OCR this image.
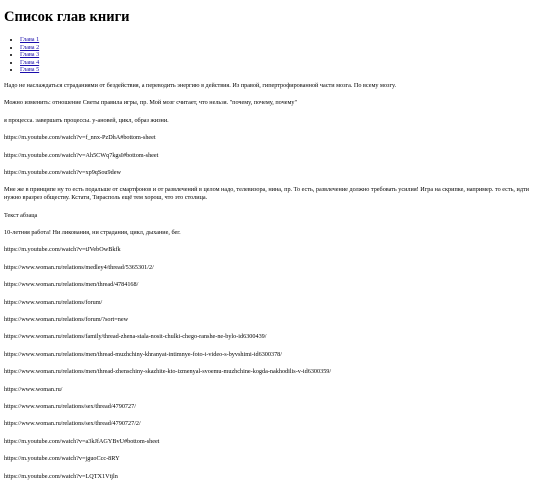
Список глав книги
• Глава 1
• Глава 2
• Глава 3
• Глава 4
• Глава 5

Надо не наслаждаться страданиями от бездействия, а переводить энергию в действия. Из правой, гипертрофированной части мозга. По всему мозгу.

Можно изменить: отношение Светы правила игры, пр. Мой мозг считает, что нельзя. "почему, почему, почему"

я процесса. завершать процессы. у-ановей, цикл, образ жизни.

https://m.youtube.com/watch?v=f_nnx-PzDhA#bottom-sheet

https://m.youtube.com/watch?v=Ah5CWq7kgsI#bottom-sheet

https://m.youtube.com/watch?v=xp9qSou9dew

Мне же в принципе ну то есть подальше от смартфонов и от развлечений в целом надо, телевизора, нина, пр. То есть, развлечение должно требовать усилия! Игра на скрипке, например. то есть, идти нужно вразрез обществу. Кстати, Тирасполь ещё тем хорош, что это столица.

Текст абзаца

10-летняя работа! Ни ликования, ни страдания, цикл, дыхание, бег.

https://m.youtube.com/watch?v=tJVebOwBkfk

https://www.woman.ru/relations/medley4/thread/5365301/2/

https://www.woman.ru/relations/men/thread/4784168/

https://www.woman.ru/relations/forum/

https://www.woman.ru/relations/forum/?sort=new

https://www.woman.ru/relations/family/thread-zhena-stala-nosit-chulki-chego-ranshe-ne-bylo-id6300439/

https://www.woman.ru/relations/men/thread-muzhchiny-khranyat-intimnye-foto-i-video-s-byvshimi-id6300378/

https://www.woman.ru/relations/men/thread-zhenschiny-skazhite-kto-izmenyal-svoemu-muzhchine-kogda-nakhodilis-v-id6300359/

https://www.woman.ru/

https://www.woman.ru/relations/sex/thread/4790727/

https://www.woman.ru/relations/sex/thread/4790727/2/

https://m.youtube.com/watch?v=a3kJfAGYBvU#bottom-sheet

https://m.youtube.com/watch?v=jguoCcc-8RY

https://m.youtube.com/watch?v=LQTX1Vtjln
